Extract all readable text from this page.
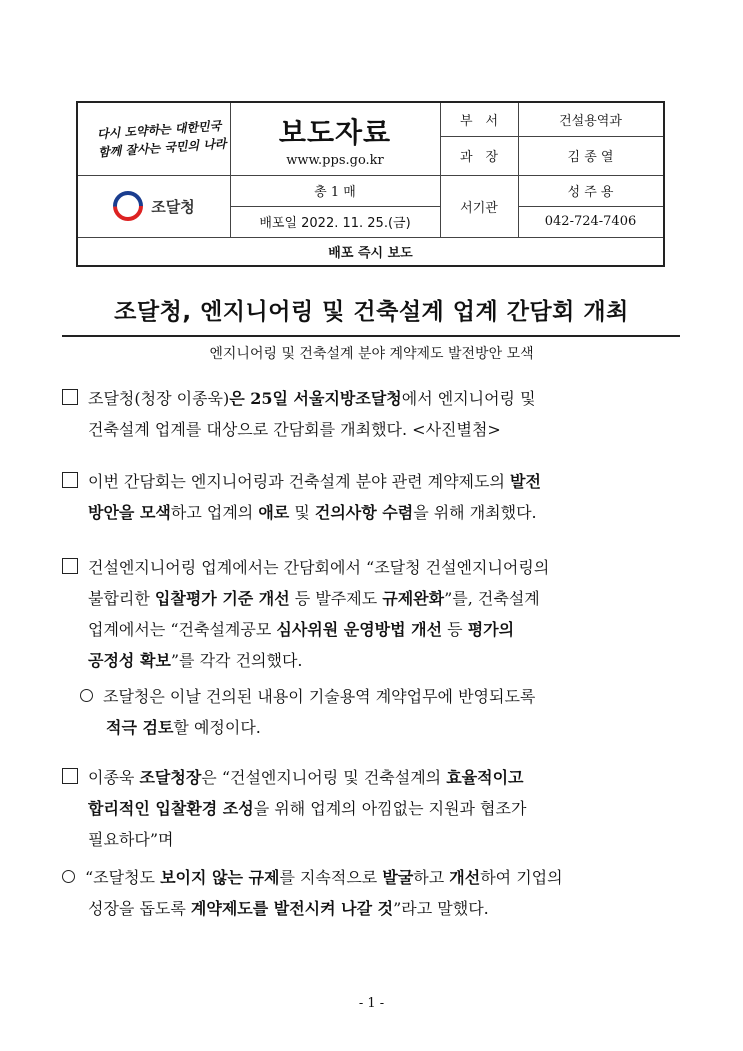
다시 도약하는 대한민국
함께 잘사는 국민의 나라
조달청
보도자료
www.pps.go.kr
총 1 매
배포일 2022. 11. 25.(금)
부　서
과　장
서기관
건설용역과
김 종 열
성 주 용
042-724-7406
배포 즉시 보도
조달청, 엔지니어링 및 건축설계 업계 간담회 개최
엔지니어링 및 건축설계 분야 계약제도 발전방안 모색

조달청(청장 이종욱)은 25일 서울지방조달청에서 엔지니어링 및

건축설계 업계를 대상으로 간담회를 개최했다. <사진별첨>

이번 간담회는 엔지니어링과 건축설계 분야 관련 계약제도의 발전

방안을 모색하고 업계의 애로 및 건의사항 수렴을 위해 개최했다.

건설엔지니어링 업계에서는 간담회에서 “조달청 건설엔지니어링의

불합리한 입찰평가 기준 개선 등 발주제도 규제완화”를, 건축설계

업계에서는 “건축설계공모 심사위원 운영방법 개선 등 평가의

공정성 확보”를 각각 건의했다.

조달청은 이날 건의된 내용이 기술용역 계약업무에 반영되도록

적극 검토할 예정이다.

이종욱 조달청장은 “건설엔지니어링 및 건축설계의 효율적이고

합리적인 입찰환경 조성을 위해 업계의 아낌없는 지원과 협조가

필요하다”며

“조달청도 보이지 않는 규제를 지속적으로 발굴하고 개선하여 기업의

성장을 돕도록 계약제도를 발전시켜 나갈 것”라고 말했다.

- 1 -
